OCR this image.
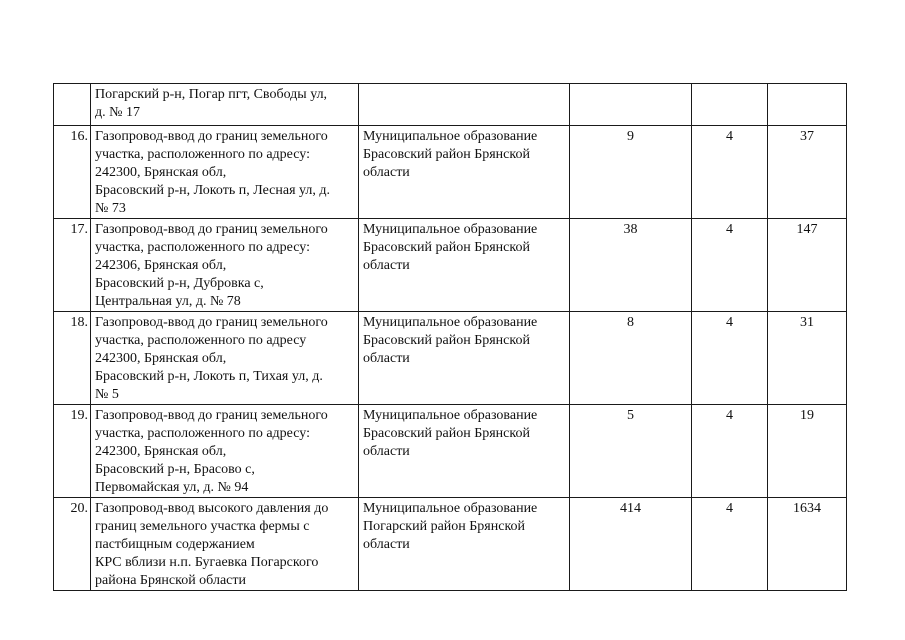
	Погарский р-н, Погар пгт, Свободы ул,
д. № 17				

16.	Газопровод-ввод до границ земельного
участка, расположенного по адресу:
242300, Брянская обл,
Брасовский р-н, Локоть п, Лесная ул, д.
№ 73	Муниципальное образование
Брасовский район Брянской
области	9	4	37
17.	Газопровод-ввод до границ земельного
участка, расположенного по адресу:
242306, Брянская обл,
Брасовский р-н, Дубровка с,
Центральная ул, д. № 78	Муниципальное образование
Брасовский район Брянской
области	38	4	147
18.	Газопровод-ввод до границ земельного
участка, расположенного по адресу
242300, Брянская обл,
Брасовский р-н, Локоть п, Тихая ул, д.
№ 5	Муниципальное образование
Брасовский район Брянской
области	8	4	31
19.	Газопровод-ввод до границ земельного
участка, расположенного по адресу:
242300, Брянская обл,
Брасовский р-н, Брасово с,
Первомайская ул, д. № 94	Муниципальное образование
Брасовский район Брянской
области	5	4	19
20.	Газопровод-ввод высокого давления до
границ земельного участка фермы с
пастбищным содержанием
КРС вблизи н.п. Бугаевка Погарского
района Брянской области	Муниципальное образование
Погарский район Брянской
области	414	4	1634
